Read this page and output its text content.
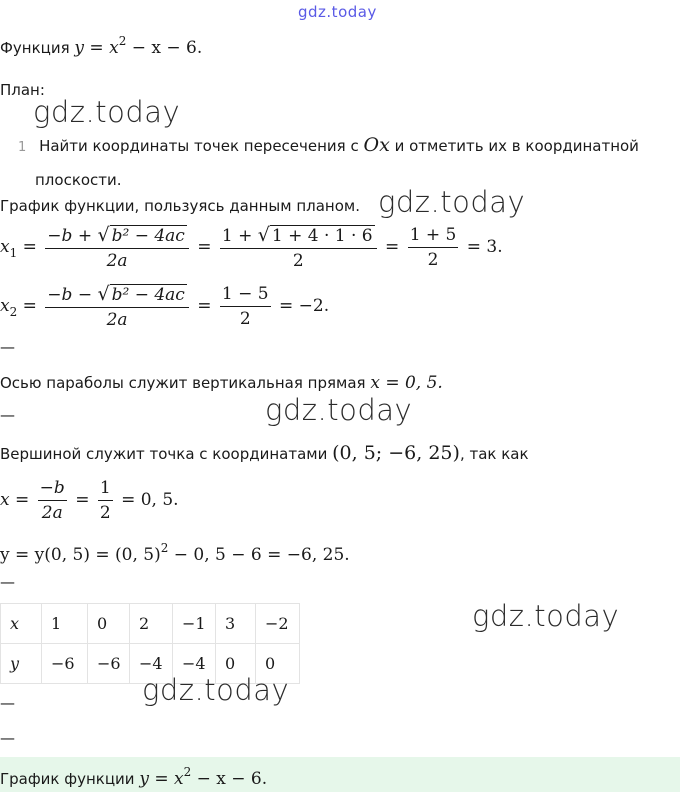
gdz.today
Функция $y = x^2 - x - 6$.
План:
gdz.today
1 Найти координаты точек пересечения с Ox и отметить их в координатной
плоскости.
График функции, пользуясь данным планом. gdz.today
$x_1 = \frac{\text{−b + √ b² − 4ac}}{2a} = \frac{1 + √ 1 + 4 \cdot 1 \cdot 6}{2} = \frac{1 + 5}{2} = 3$.
$x_2 = \frac{\text{−b − √ b² − 4ac}}{2a} = \frac{1 - 5}{2} = -2$.
—
Осью параболы служит вертикальная прямая x = 0, 5.
gdz.today
—
Вершиной служит точка с координатами (0, 5; −6, 25), так как
$x = \frac{-b}{2a} = \frac{1}{2} = 0$, 5.
y = y(0, 5) = (0, 5)$^2$ − 0, 5 − 6 = −6, 25.
—
x	1	0	2	−1	3	−2
y	−6	−6	−4	−4	0	0
gdz.today
gdz.today
—
—
График функции $y = x^2 - x - 6$.
